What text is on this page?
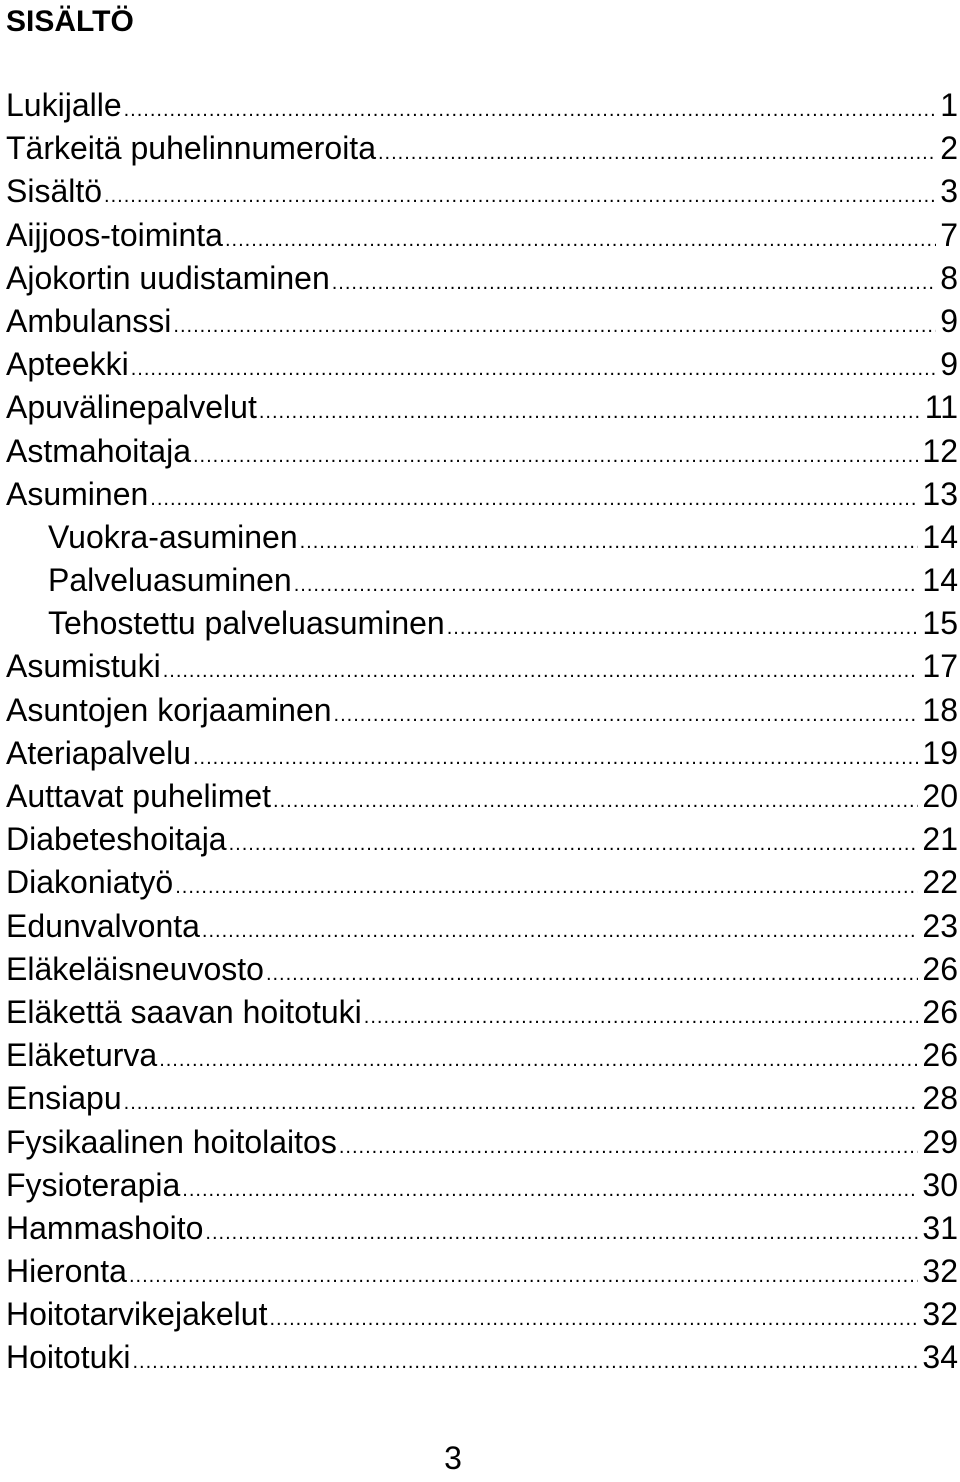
SISÄLTÖ
Lukijalle .....	1
Tärkeitä puhelinnumeroita .....	2
Sisältö .....	3
Aijjoos-toiminta .....	7
Ajokortin uudistaminen .....	8
Ambulanssi .....	9
Apteekki .....	9
Apuvälinepalvelut .....	11
Astmahoitaja .....	12
Asuminen .....	13
Vuokra-asuminen .....	14
Palveluasuminen .....	14
Tehostettu palveluasuminen .....	15
Asumistuki .....	17
Asuntojen korjaaminen .....	18
Ateriapalvelu .....	19
Auttavat puhelimet .....	20
Diabeteshoitaja .....	21
Diakoniatyö .....	22
Edunvalvonta .....	23
Eläkeläisneuvosto .....	26
Eläkettä saavan hoitotuki .....	26
Eläketurva .....	26
Ensiapu .....	28
Fysikaalinen hoitolaitos .....	29
Fysioterapia .....	30
Hammashoito .....	31
Hieronta .....	32
Hoitotarvikejakelut .....	32
Hoitotuki .....	34
3
